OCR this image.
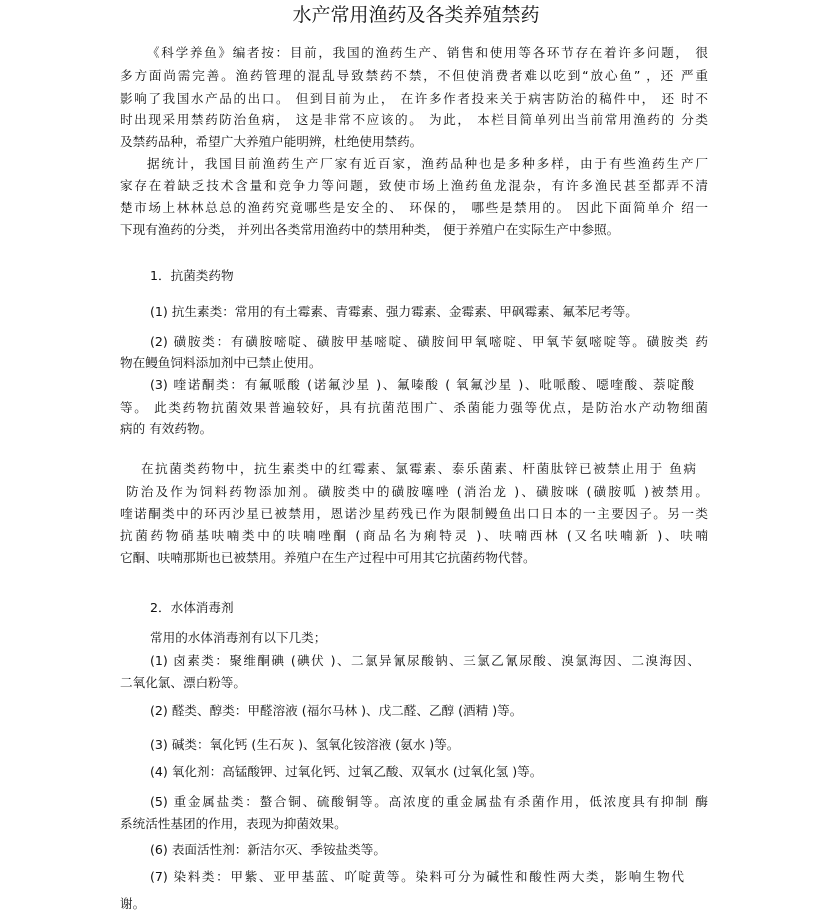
水产常用渔药及各类养殖禁药
《科学养鱼》编者按：目前，我国的渔药生产、销售和使用等各环节存在着许多问题， 很
多方面尚需完善。渔药管理的混乱导致禁药不禁，不但使消费者难以吃到“放心鱼” ，还 严重
影响了我国水产品的出口。 但到目前为止， 在许多作者投来关于病害防治的稿件中， 还 时不
时出现采用禁药防治鱼病， 这是非常不应该的。 为此， 本栏目简单列出当前常用渔药的 分类
及禁药品种，希望广大养殖户能明辨，杜绝使用禁药。
据统计，我国目前渔药生产厂家有近百家，渔药品种也是多种多样，由于有些渔药生产厂
家存在着缺乏技术含量和竞争力等问题，致使市场上渔药鱼龙混杂，有许多渔民甚至都弄不清
楚市场上林林总总的渔药究竟哪些是安全的、 环保的， 哪些是禁用的。 因此下面简单介 绍一
下现有渔药的分类， 并列出各类常用渔药中的禁用种类， 便于养殖户在实际生产中参照。
1．抗菌类药物
(1) 抗生素类：常用的有土霉素、青霉素、强力霉素、金霉素、甲砜霉素、氟苯尼考等。
(2) 磺胺类：有磺胺嘧啶、磺胺甲基嘧啶、磺胺间甲氧嘧啶、甲氧苄氨嘧啶等。磺胺类 药
物在鳗鱼饲料添加剂中已禁止使用。
(3) 喹诺酮类：有氟哌酸 (诺氟沙星 )、氟嗪酸 ( 氧氟沙星 )、吡哌酸、噁喹酸、萘啶酸
等。 此类药物抗菌效果普遍较好，具有抗菌范围广、杀菌能力强等优点，是防治水产动物细菌
病的 有效药物。
在抗菌类药物中，抗生素类中的红霉素、氯霉素、泰乐菌素、杆菌肽锌已被禁止用于 鱼病
防治及作为饲料药物添加剂。磺胺类中的磺胺噻唑 (消治龙 )、磺胺咪 (磺胺呱 )被禁用。
喹诺酮类中的环丙沙星已被禁用，恩诺沙星药残已作为限制鳗鱼出口日本的一主要因子。另一类
抗菌药物硝基呋喃类中的呋喃唑酮 (商品名为痢特灵 )、呋喃西林 (又名呋喃新 )、呋喃
它酮、呋喃那斯也已被禁用。养殖户在生产过程中可用其它抗菌药物代替。
2．水体消毒剂
常用的水体消毒剂有以下几类；
(1) 卤素类：聚维酮碘 (碘伏 )、二氯异氰尿酸钠、三氯乙氰尿酸、溴氯海因、二溴海因、
二氧化氯、漂白粉等。
(2) 醛类、醇类：甲醛溶液 (福尔马林 )、戊二醛、乙醇 (酒精 )等。
(3) 碱类：氧化钙 (生石灰 )、氢氧化铵溶液 (氨水 )等。
(4) 氧化剂：高锰酸钾、过氧化钙、过氧乙酸、双氧水 (过氧化氢 )等。
(5) 重金属盐类：螯合铜、硫酸铜等。高浓度的重金属盐有杀菌作用，低浓度具有抑制 酶
系统活性基团的作用，表现为抑菌效果。
(6) 表面活性剂：新洁尔灭、季铵盐类等。
(7) 染料类：甲紫、亚甲基蓝、吖啶黄等。染料可分为碱性和酸性两大类，影响生物代
谢。
